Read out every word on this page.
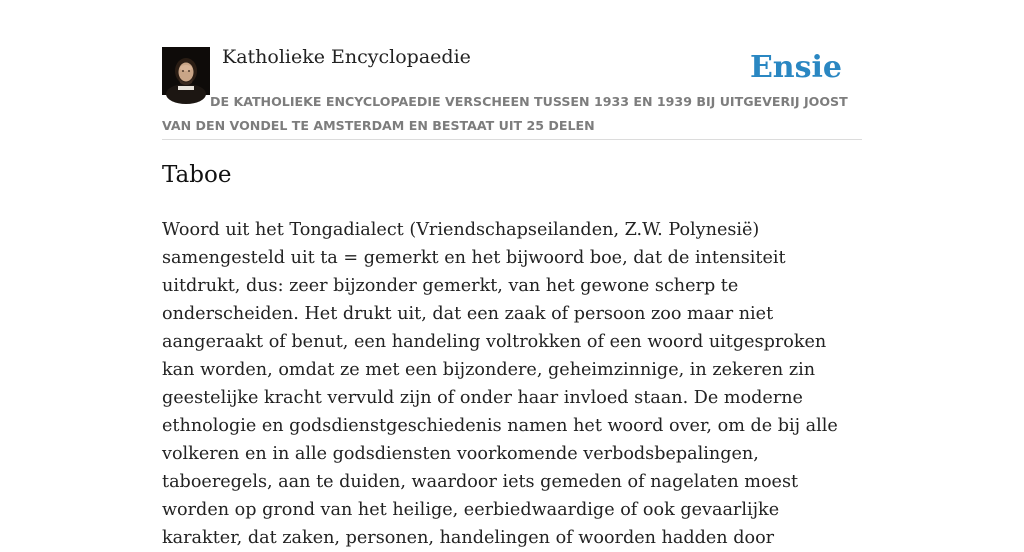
Katholieke Encyclopaedie	Ensie
DE KATHOLIEKE ENCYCLOPAEDIE VERSCHEEN TUSSEN 1933 EN 1939 BIJ UITGEVERIJ JOOST VAN DEN VONDEL TE AMSTERDAM EN BESTAAT UIT 25 DELEN
Taboe

Woord uit het Tongadialect (Vriendschapseilanden, Z.W. Polynesië) samengesteld uit ta = gemerkt en het bijwoord boe, dat de intensiteit uitdrukt, dus: zeer bijzonder gemerkt, van het gewone scherp te onderscheiden. Het drukt uit, dat een zaak of persoon zoo maar niet aangeraakt of benut, een handeling voltrokken of een woord uitgesproken kan worden, omdat ze met een bijzondere, geheimzinnige, in zekeren zin geestelijke kracht vervuld zijn of onder haar invloed staan. De moderne ethnologie en godsdienstgeschiedenis namen het woord over, om de bij alle volkeren en in alle godsdiensten voorkomende verbodsbepalingen, taboeregels, aan te duiden, waardoor iets gemeden of nagelaten moest worden op grond van het heilige, eerbiedwaardige of ook gevaarlijke karakter, dat zaken, personen, handelingen of woorden hadden door
